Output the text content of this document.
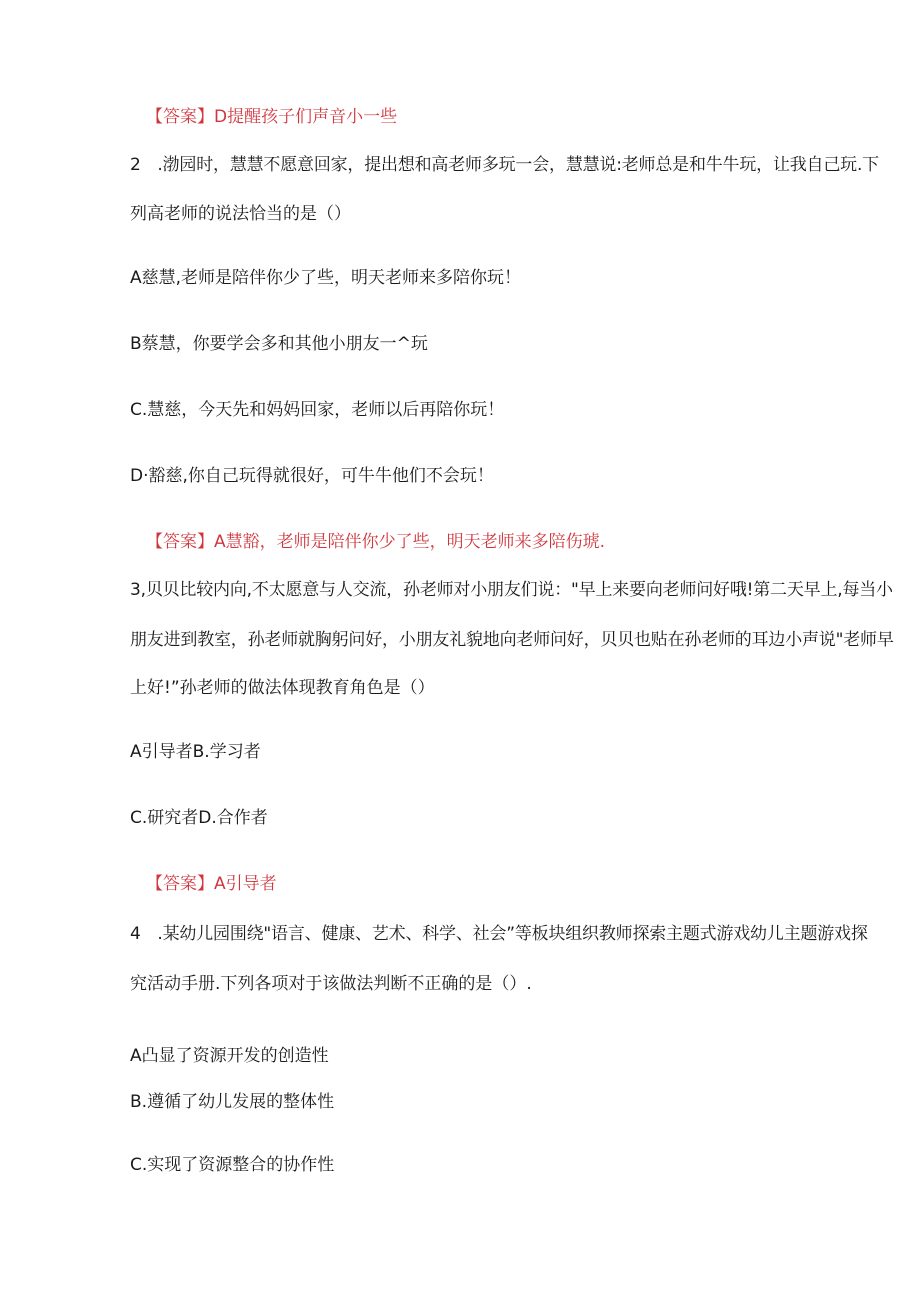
【答案】D提醒孩子们声音小一些
2　.渤园时，慧慧不愿意回家，提出想和高老师多玩一会，慧慧说:老师总是和牛牛玩，让我自己玩.下
列高老师的说法恰当的是（）
A慈慧,老师是陪伴你少了些，明天老师来多陪你玩！
B蔡慧，你要学会多和其他小朋友一^玩
C.慧慈，今天先和妈妈回家，老师以后再陪你玩！
D·豁慈,你自己玩得就很好，可牛牛他们不会玩！
【答案】A慧豁，老师是陪伴你少了些，明天老师来多陪伤琥.
3,贝贝比较内向,不太愿意与人交流，孙老师对小朋友们说："早上来要向老师问好哦!第二天早上,每当小
朋友进到教室，孙老师就胸躬问好，小朋友礼貌地向老师问好，贝贝也贴在孙老师的耳边小声说"老师早
上好!”孙老师的做法体现教育角色是（）
A引导者B.学习者
C.研究者D.合作者
【答案】A引导者
4　.某幼儿园围绕"语言、健康、艺术、科学、社会”等板块组织教师探索主题式游戏幼儿主题游戏探
究活动手册.下列各项对于该做法判断不正确的是（）.
A凸显了资源开发的创造性
B.遵循了幼儿发展的整体性
C.实现了资源整合的协作性
